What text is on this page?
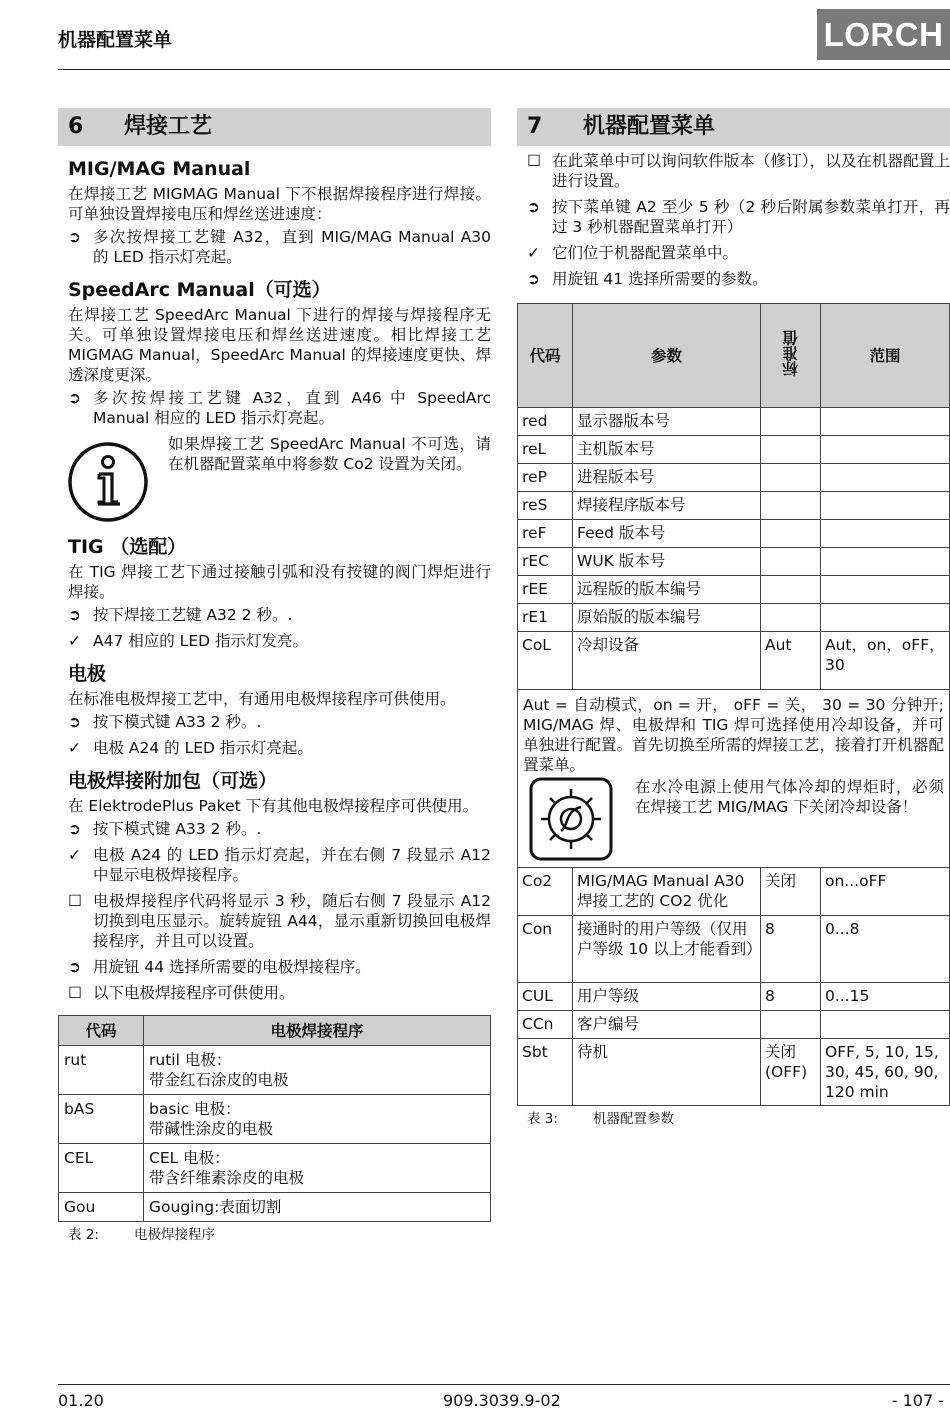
机器配置菜单	LORCH
6	焊接工艺
MIG/MAG Manual

在焊接工艺 MIGMAG Manual 下不根据焊接程序进行焊接。可单独设置焊接电压和焊丝送进速度：

➲ 多次按焊接工艺键 A32，直到 MIG/MAG Manual A30 的 LED 指示灯亮起。
SpeedArc Manual（可选）

在焊接工艺 SpeedArc Manual 下进行的焊接与焊接程序无关。可单独设置焊接电压和焊丝送进速度。相比焊接工艺 MIGMAG Manual，SpeedArc Manual 的焊接速度更快、焊透深度更深。

➲ 多次按焊接工艺键 A32，直到 A46 中 SpeedArc Manual 相应的 LED 指示灯亮起。
如果焊接工艺 SpeedArc Manual 不可选，请在机器配置菜单中将参数 Co2 设置为关闭。
TIG （选配）

在 TIG 焊接工艺下通过接触引弧和没有按键的阀门焊炬进行焊接。

➲ 按下焊接工艺键 A32 2 秒。.
✓ A47 相应的 LED 指示灯发亮。
电极

在标准电极焊接工艺中，有通用电极焊接程序可供使用。

➲ 按下模式键 A33 2 秒。.
✓ 电极 A24 的 LED 指示灯亮起。
电极焊接附加包（可选）

在 ElektrodePlus Paket 下有其他电极焊接程序可供使用。

➲ 按下模式键 A33 2 秒。.
✓ 电极 A24 的 LED 指示灯亮起，并在右侧 7 段显示 A12 中显示电极焊接程序。
☐ 电极焊接程序代码将显示 3 秒，随后右侧 7 段显示 A12 切换到电压显示。旋转旋钮 A44，显示重新切换回电极焊接程序，并且可以设置。
➲ 用旋钮 44 选择所需要的电极焊接程序。
☐ 以下电极焊接程序可供使用。
代码	电极焊接程序
rut	rutil 电极：
带金红石涂皮的电极

bAS	basic 电极：
带碱性涂皮的电极

CEL	CEL 电极：
带含纤维素涂皮的电极

Gou	Gouging:表面切割
表 2:	电极焊接程序
7	机器配置菜单
☐ 在此菜单中可以询问软件版本（修订），以及在机器配置上进行设置。
➲ 按下菜单键 A2 至少 5 秒（2 秒后附属参数菜单打开，再过 3 秒机器配置菜单打开）
✓ 它们位于机器配置菜单中。
➲ 用旋钮 41 选择所需要的参数。
代码	参数	标准值	范围
red	显示器版本号		
reL	主机版本号		
reP	进程版本号		
reS	焊接程序版本号		
reF	Feed 版本号		
rEC	WUK 版本号		
rEE	远程版的版本编号		
rE1	原始版的版本编号		
CoL	冷却设备	Aut	Aut，on，oFF，30

Aut = 自动模式，on = 开， oFF = 关， 30 = 30 分钟开; MIG/MAG 焊、电极焊和 TIG 焊可选择使用冷却设备，并可单独进行配置。首先切换至所需的焊接工艺，接着打开机器配置菜单。
在水冷电源上使用气体冷却的焊炬时，必须在焊接工艺 MIG/MAG 下关闭冷却设备！			

Co2	MIG/MAG Manual A30 焊接工艺的 CO2 优化	关闭	on...oFF
Con	接通时的用户等级（仅用户等级 10 以上才能看到）	8	0...8
CUL	用户等级	8	0...15
CCn	客户编号		
Sbt	待机	关闭 (OFF)	OFF, 5, 10, 15, 30, 45, 60, 90, 120 min
表 3:	机器配置参数
01.20	909.3039.9-02	- 107 -
